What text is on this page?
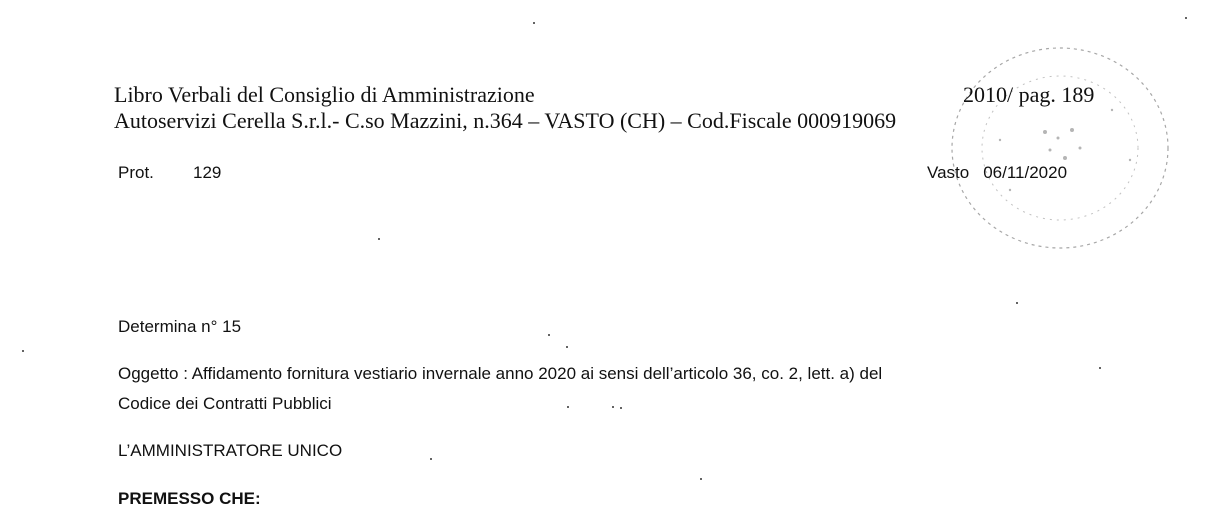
Libro Verbali del Consiglio di Amministrazione	2010/ pag. 189
Autoservizi Cerella S.r.l.- C.so Mazzini, n.364 – VASTO (CH) – Cod.Fiscale 000919069
Prot. 129	Vasto 06/11/2020
Determina n° 15
Oggetto : Affidamento fornitura vestiario invernale anno 2020 ai sensi dell’articolo 36, co. 2, lett. a) del
Codice dei Contratti Pubblici
L’AMMINISTRATORE UNICO
PREMESSO CHE:
